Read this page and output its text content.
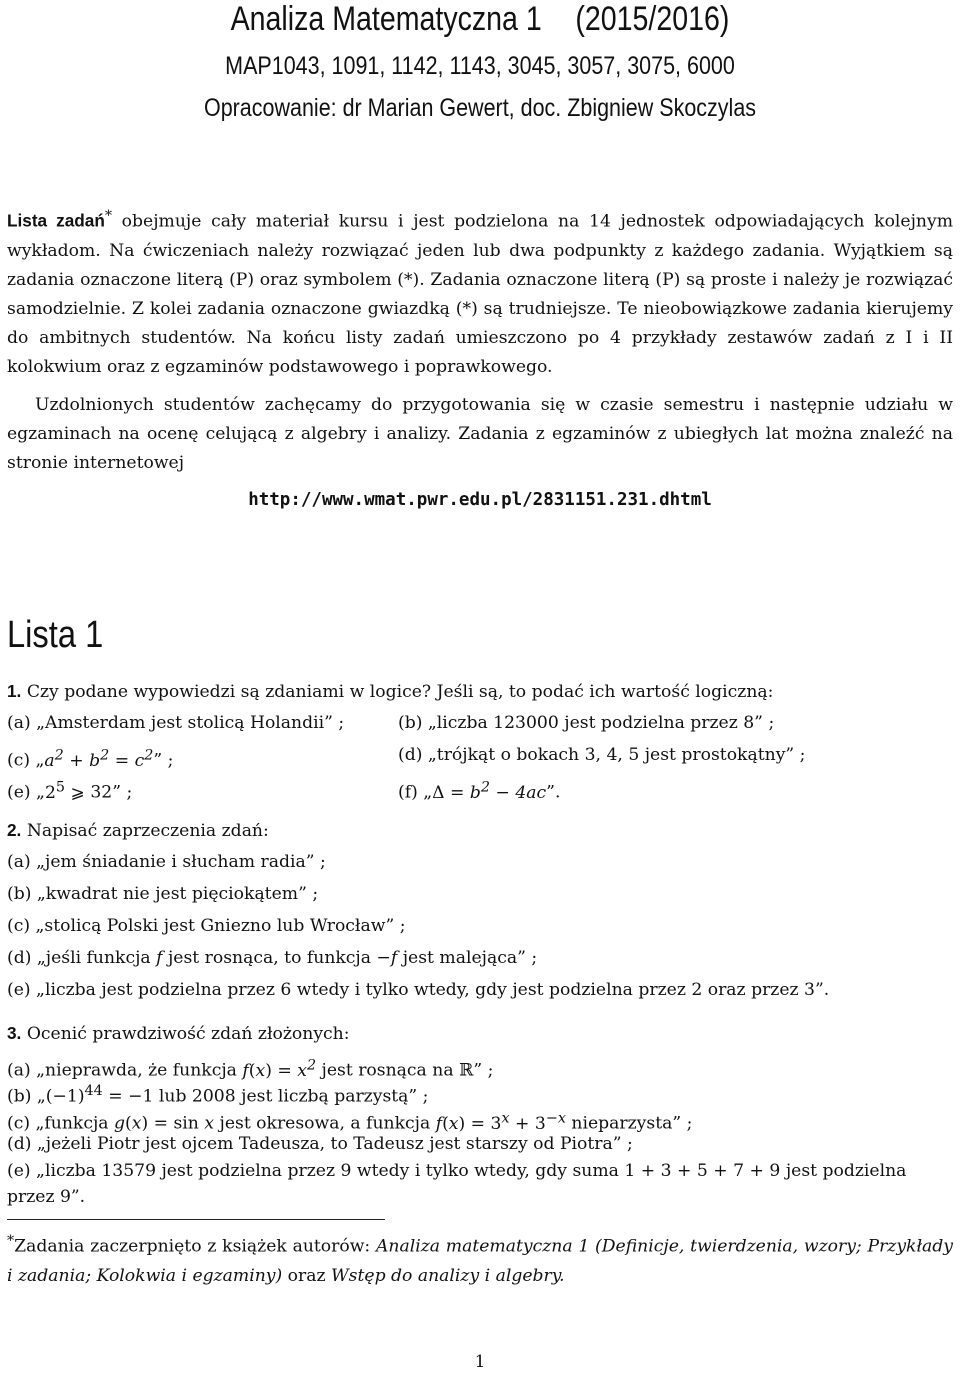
Analiza Matematyczna 1 (2015/2016)
MAP1043, 1091, 1142, 1143, 3045, 3057, 3075, 6000
Opracowanie: dr Marian Gewert, doc. Zbigniew Skoczylas
Lista zadań* obejmuje cały materiał kursu i jest podzielona na 14 jednostek odpowiadających kolejnym wykładom. Na ćwiczeniach należy rozwiązać jeden lub dwa podpunkty z każdego zadania. Wyjątkiem są zadania oznaczone literą (P) oraz symbolem (*). Zadania oznaczone literą (P) są proste i należy je rozwiązać samodzielnie. Z kolei zadania oznaczone gwiazdką (*) są trudniejsze. Te nieobowiązkowe zadania kierujemy do ambitnych studentów. Na końcu listy zadań umieszczono po 4 przykłady zestawów zadań z I i II kolokwium oraz z egzaminów podstawowego i poprawkowego.
Uzdolnionych studentów zachęcamy do przygotowania się w czasie semestru i następnie udziału w egzaminach na ocenę celującą z algebry i analizy. Zadania z egzaminów z ubiegłych lat można znaleźć na stronie internetowej
http://www.wmat.pwr.edu.pl/2831151.231.dhtml
Lista 1
1. Czy podane wypowiedzi są zdaniami w logice? Jeśli są, to podać ich wartość logiczną:
(a) „Amsterdam jest stolicą Holandii” ;	(b) „liczba 123000 jest podzielna przez 8” ;
(c) $„a^2 + b^2 = c^2$” ;	(d) „trójkąt o bokach 3, 4, 5 jest prostokątny” ;
(e) $„2^5$ ⩾ 32” ;	(f) „Δ = $b^2 - 4ac$”.
2. Napisać zaprzeczenia zdań:
(a) „jem śniadanie i słucham radia” ;
(b) „kwadrat nie jest pięciokątem” ;
(c) „stolicą Polski jest Gniezno lub Wrocław” ;
(d) „jeśli funkcja f jest rosnąca, to funkcja −f jest malejąca” ;
(e) „liczba jest podzielna przez 6 wtedy i tylko wtedy, gdy jest podzielna przez 2 oraz przez 3”.
3. Ocenić prawdziwość zdań złożonych:
(a) „nieprawda, że funkcja $f(x) = x^2$ jest rosnąca na ℝ” ;
(b) $„(-1)^{44} = -1$ lub 2008 jest liczbą parzystą” ;
(c) „funkcja g(x) = sin x jest okresowa, a funkcja $f(x) = 3^x + 3^{-x}$ nieparzysta” ;
(d) „jeżeli Piotr jest ojcem Tadeusza, to Tadeusz jest starszy od Piotra” ;
(e) „liczba 13579 jest podzielna przez 9 wtedy i tylko wtedy, gdy suma 1 + 3 + 5 + 7 + 9 jest podzielna
przez 9”.
*Zadania zaczerpnięto z książek autorów: Analiza matematyczna 1 (Definicje, twierdzenia, wzory; Przykłady i zadania; Kolokwia i egzaminy) oraz Wstęp do analizy i algebry.
1
